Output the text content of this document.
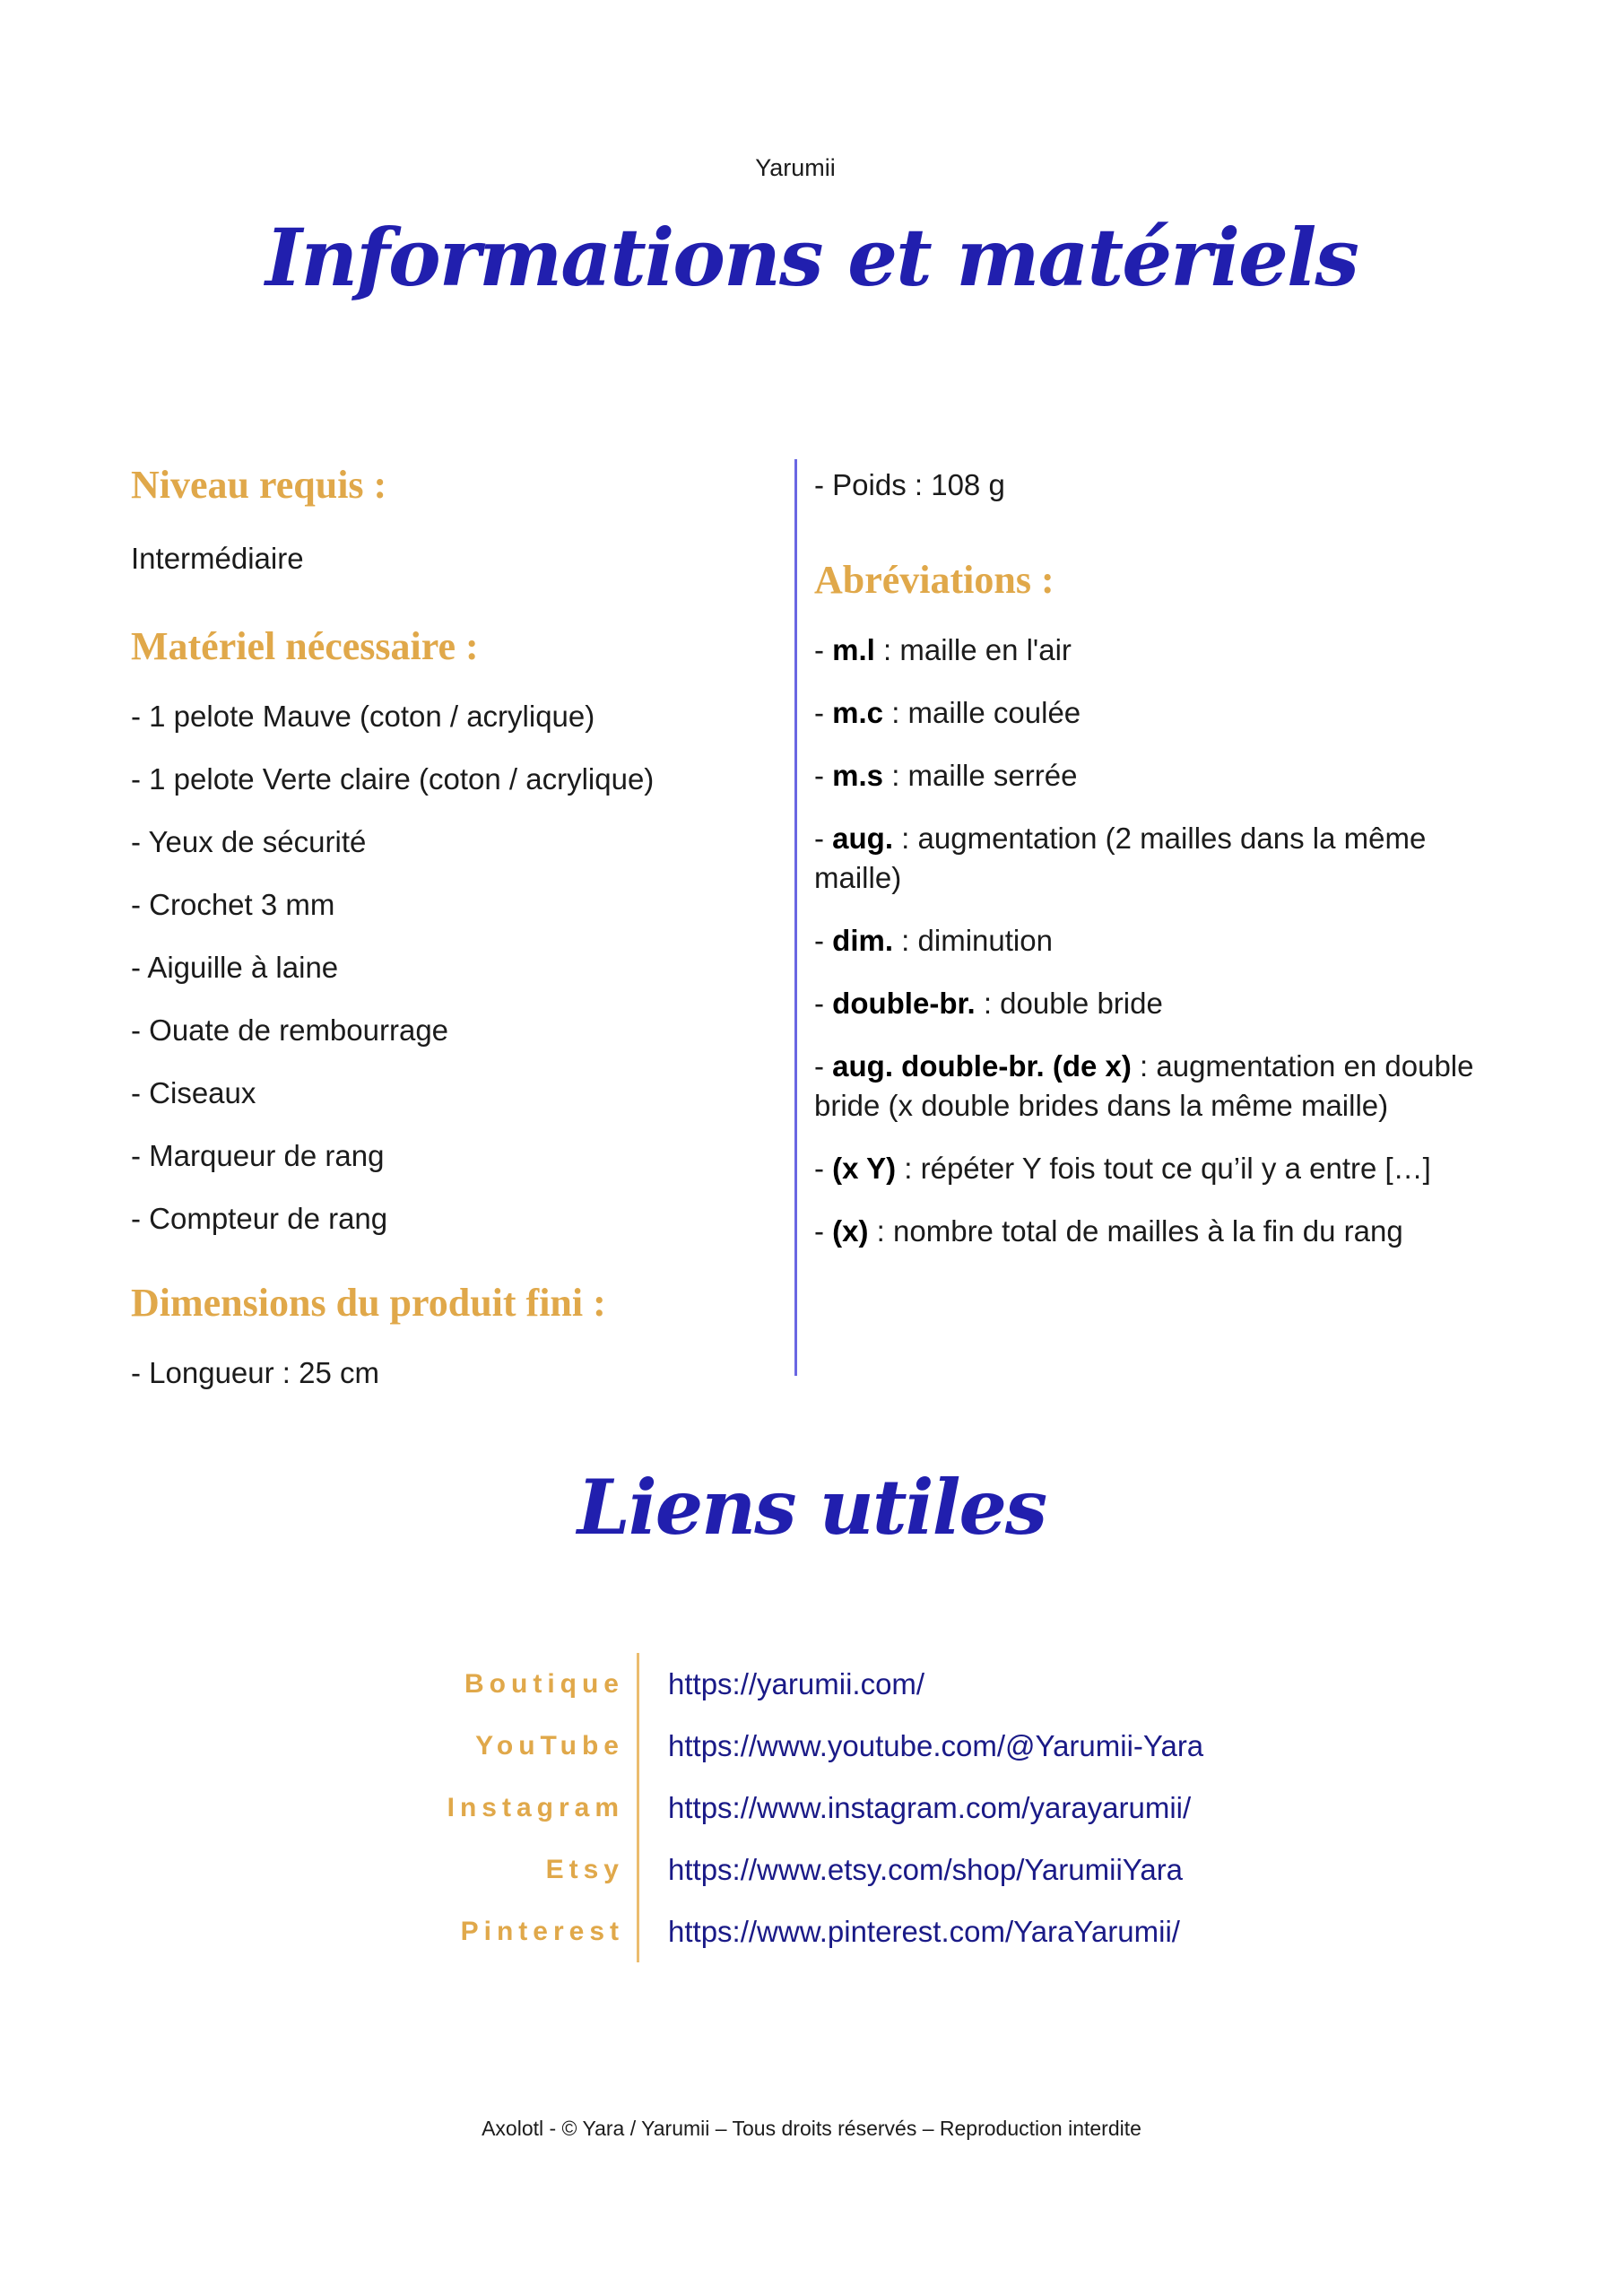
Yarumii
Informations et matériels
Niveau requis :
Intermédiaire
Matériel nécessaire :
- 1 pelote Mauve (coton / acrylique)
- 1 pelote Verte claire (coton / acrylique)
- Yeux de sécurité
- Crochet 3 mm
- Aiguille à laine
- Ouate de rembourrage
- Ciseaux
- Marqueur de rang
- Compteur de rang
Dimensions du produit fini :
- Longueur : 25 cm
- Poids : 108 g
Abréviations :
- m.l : maille en l'air
- m.c : maille coulée
- m.s : maille serrée
- aug. : augmentation (2 mailles dans la même maille)
- dim. : diminution
- double-br. : double bride
- aug. double-br. (de x) : augmentation en double bride (x double brides dans la même maille)
- (x Y) : répéter Y fois tout ce qu’il y a entre […]
- (x) : nombre total de mailles à la fin du rang
Liens utiles
Boutique	https://yarumii.com/
YouTube	https://www.youtube.com/@Yarumii-Yara
Instagram	https://www.instagram.com/yarayarumii/
Etsy	https://www.etsy.com/shop/YarumiiYara
Pinterest	https://www.pinterest.com/YaraYarumii/
Axolotl - © Yara / Yarumii – Tous droits réservés – Reproduction interdite
